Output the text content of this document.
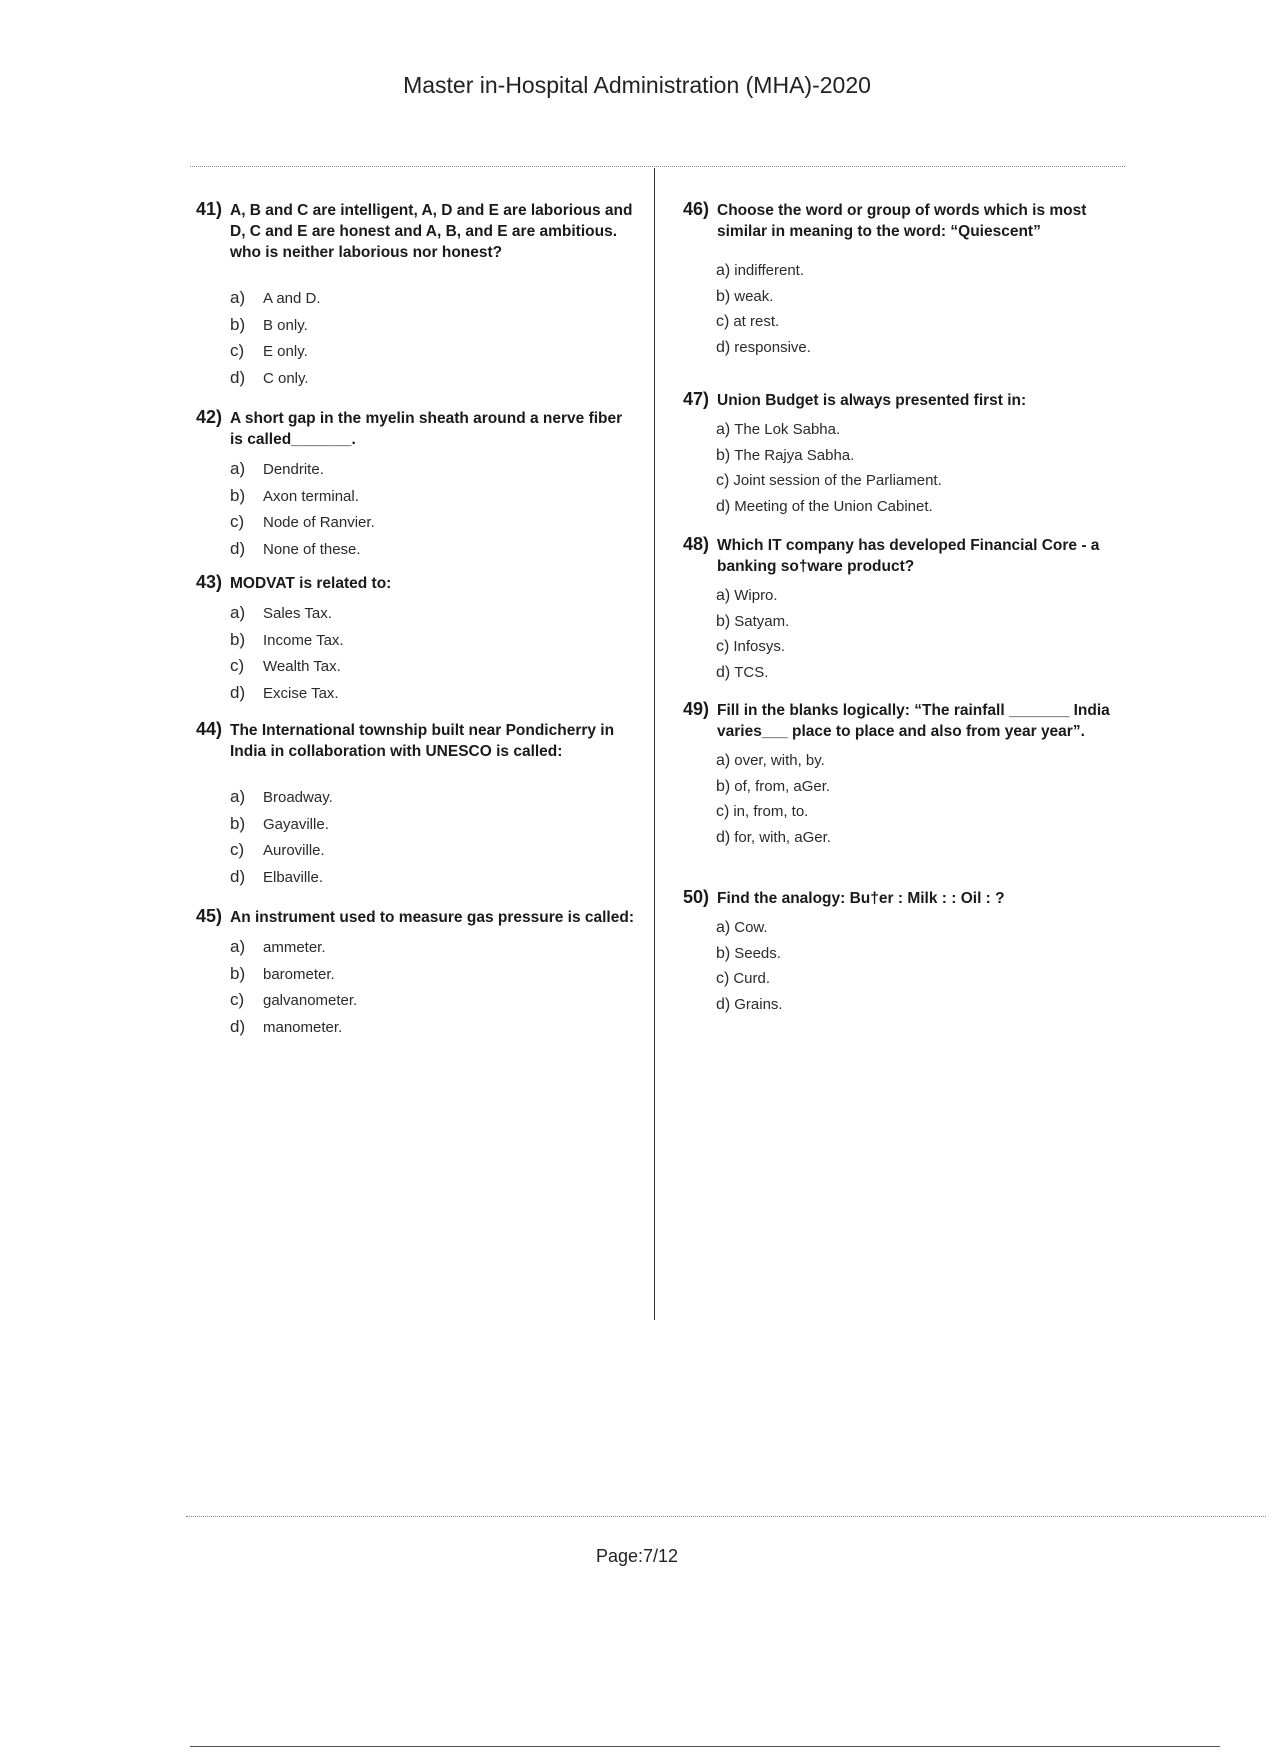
Master in-Hospital Administration (MHA)-2020
41) A, B and C are intelligent, A, D and E are laborious and D, C and E are honest and A, B, and E are ambitious. who is neither laborious nor honest?
a) A and D.
b) B only.
c) E only.
d) C only.
42) A short gap in the myelin sheath around a nerve fiber is called_______.
a) Dendrite.
b) Axon terminal.
c) Node of Ranvier.
d) None of these.
43) MODVAT is related to:
a) Sales Tax.
b) Income Tax.
c) Wealth Tax.
d) Excise Tax.
44) The International township built near Pondicherry in India in collaboration with UNESCO is called:
a) Broadway.
b) Gayaville.
c) Auroville.
d) Elbaville.
45) An instrument used to measure gas pressure is called:
a) ammeter.
b) barometer.
c) galvanometer.
d) manometer.
46) Choose the word or group of words which is most similar in meaning to the word: “Quiescent”
a) indifferent.
b) weak.
c) at rest.
d) responsive.
47) Union Budget is always presented first in:
a) The Lok Sabha.
b) The Rajya Sabha.
c) Joint session of the Parliament.
d) Meeting of the Union Cabinet.
48) Which IT company has developed Financial Core - a banking so†ware product?
a) Wipro.
b) Satyam.
c) Infosys.
d) TCS.
49) Fill in the blanks logically: “The rainfall _______ India varies___ place to place and also from year year”.
a) over, with, by.
b) of, from, aGer.
c) in, from, to.
d) for, with, aGer.
50) Find the analogy: Bu†er : Milk : : Oil : ?
a) Cow.
b) Seeds.
c) Curd.
d) Grains.
Page:7/12
